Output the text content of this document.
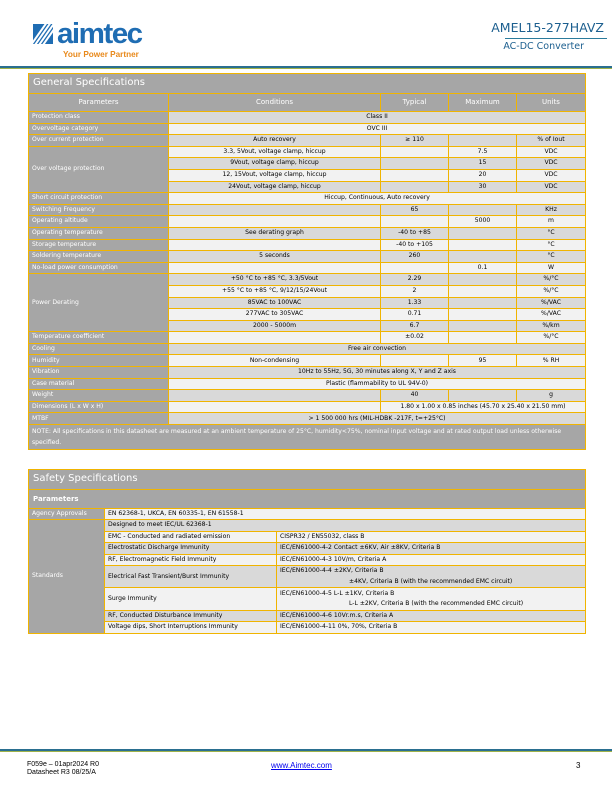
aimtec
Your Power Partner
AMEL15-277HAVZ
AC-DC Converter
General Specifications				
Parameters	Conditions	Typical	Maximum	Units
Protection class	Class II			
Overvoltage category	OVC III			
Over current protection	Auto recovery	≥ 110		% of Iout
Over voltage protection	3.3, 5Vout, voltage clamp, hiccup		7.5	VDC
	9Vout, voltage clamp, hiccup		15	VDC
	12, 15Vout, voltage clamp, hiccup		20	VDC
	24Vout, voltage clamp, hiccup		30	VDC
Short circuit protection	Hiccup, Continuous, Auto recovery			
Switching Frequency		65		KHz
Operating altitude			5000	m
Operating temperature	See derating graph	-40 to +85		°C
Storage temperature		-40 to +105		°C
Soldering temperature	5 seconds	260		°C
No-load power consumption			0.1	W
Power Derating	+50 °C to +85 °C, 3.3/5Vout	2.29		%/°C
	+55 °C to +85 °C, 9/12/15/24Vout	2		%/°C
	85VAC to 100VAC	1.33		%/VAC
	277VAC to 305VAC	0.71		%/VAC
	2000 - 5000m	6.7		%/km
Temperature coefficient		±0.02		%/°C
Cooling	Free air convection			
Humidity	Non-condensing		95	% RH
Vibration	10Hz to 55Hz, 5G, 30 minutes along X, Y and Z axis			
Case material	Plastic (flammability to UL 94V-0)			
Weight		40		g
Dimensions (L x W x H)		1.80 x 1.00 x 0.85 inches (45.70 x 25.40 x 21.50 mm)		
MTBF	> 1 500 000 hrs (MIL-HDBK -217F, t=+25°C)			
NOTE: All specifications in this datasheet are measured at an ambient temperature of 25°C, humidity<75%, nominal input voltage and at rated output load unless otherwise specified.				
Safety Specifications		
Parameters		
Agency Approvals	EN 62368-1, UKCA, EN 60335-1, EN 61558-1	
Standards	Designed to meet IEC/UL 62368-1	
	EMC - Conducted and radiated emission	CISPR32 / EN55032, class B
	Electrostatic Discharge Immunity	IEC/EN61000-4-2 Contact ±6KV, Air ±8KV, Criteria B
	RF, Electromagnetic Field Immunity	IEC/EN61000-4-3 10V/m, Criteria A
	Electrical Fast Transient/Burst Immunity	IEC/EN61000-4-4 ±2KV, Criteria B
		±4KV, Criteria B (with the recommended EMC circuit)
	Surge Immunity	IEC/EN61000-4-5 L-L ±1KV, Criteria B
		L-L ±2KV, Criteria B (with the recommended EMC circuit)
	RF, Conducted Disturbance Immunity	IEC/EN61000-4-6 10Vr.m.s, Criteria A
	Voltage dips, Short Interruptions Immunity	IEC/EN61000-4-11 0%, 70%, Criteria B
F059e – 01apr2024 R0
Datasheet R3 08/25/A
www.Aimtec.com	3
